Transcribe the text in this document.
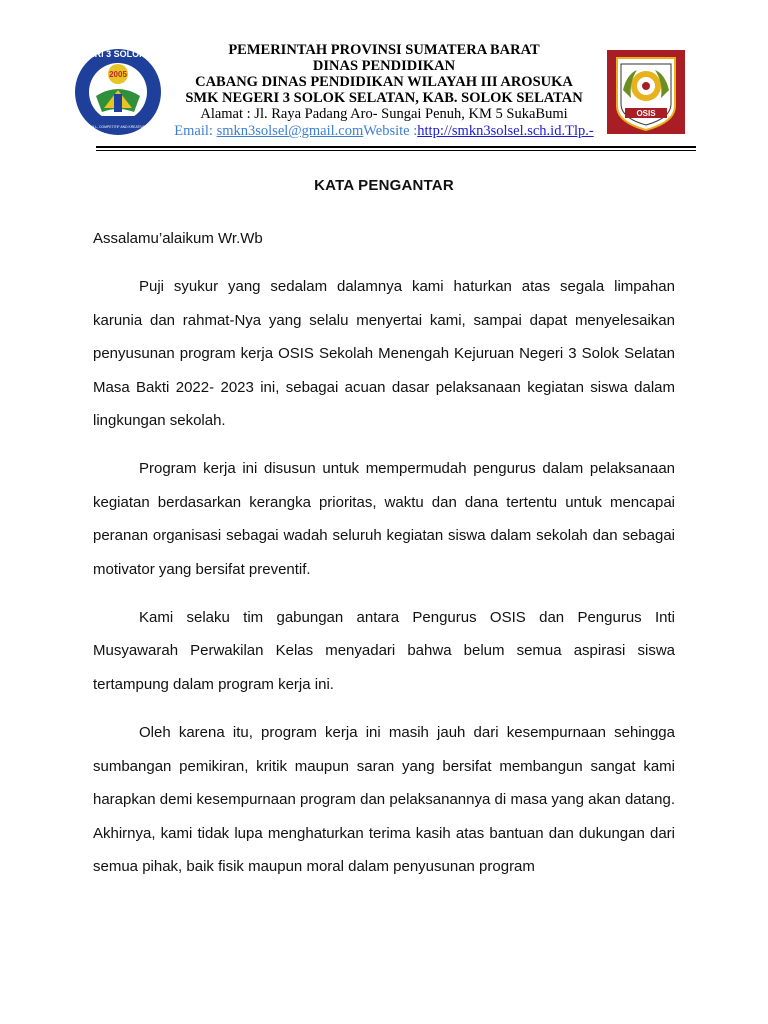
SMK NEGERI 3 SOLOK SELATAN
2005
SKILL, COMPETITIF AND KREATIVITY
PEMERINTAH PROVINSI SUMATERA BARAT
DINAS PENDIDIKAN
CABANG DINAS PENDIDIKAN WILAYAH III AROSUKA
SMK NEGERI 3 SOLOK SELATAN, KAB. SOLOK SELATAN
Alamat : Jl. Raya Padang Aro- Sungai Penuh, KM 5 SukaBumi
Email: smkn3solsel@gmail.comWebsite :http://smkn3solsel.sch.id.Tlp.-
OSIS
KATA PENGANTAR
Assalamu’alaikum Wr.Wb
Puji syukur yang sedalam dalamnya kami haturkan atas segala limpahan karunia dan rahmat-Nya yang selalu menyertai kami, sampai dapat menyelesaikan penyusunan program kerja OSIS Sekolah Menengah Kejuruan Negeri 3 Solok Selatan Masa Bakti 2022- 2023 ini, sebagai acuan dasar pelaksanaan kegiatan siswa dalam lingkungan sekolah.
Program kerja ini disusun untuk mempermudah pengurus dalam pelaksanaan kegiatan berdasarkan kerangka prioritas, waktu dan dana tertentu untuk mencapai peranan organisasi sebagai wadah seluruh kegiatan siswa dalam sekolah dan sebagai motivator yang bersifat preventif.
Kami selaku tim gabungan antara Pengurus OSIS dan Pengurus Inti Musyawarah Perwakilan Kelas menyadari bahwa belum semua aspirasi siswa tertampung dalam program kerja ini.
Oleh karena itu, program kerja ini masih jauh dari kesempurnaan sehingga sumbangan pemikiran, kritik maupun saran yang bersifat membangun sangat kami harapkan demi kesempurnaan program dan pelaksanannya di masa yang akan datang. Akhirnya, kami tidak lupa menghaturkan terima kasih atas bantuan dan dukungan dari semua pihak, baik fisik maupun moral dalam penyusunan program
